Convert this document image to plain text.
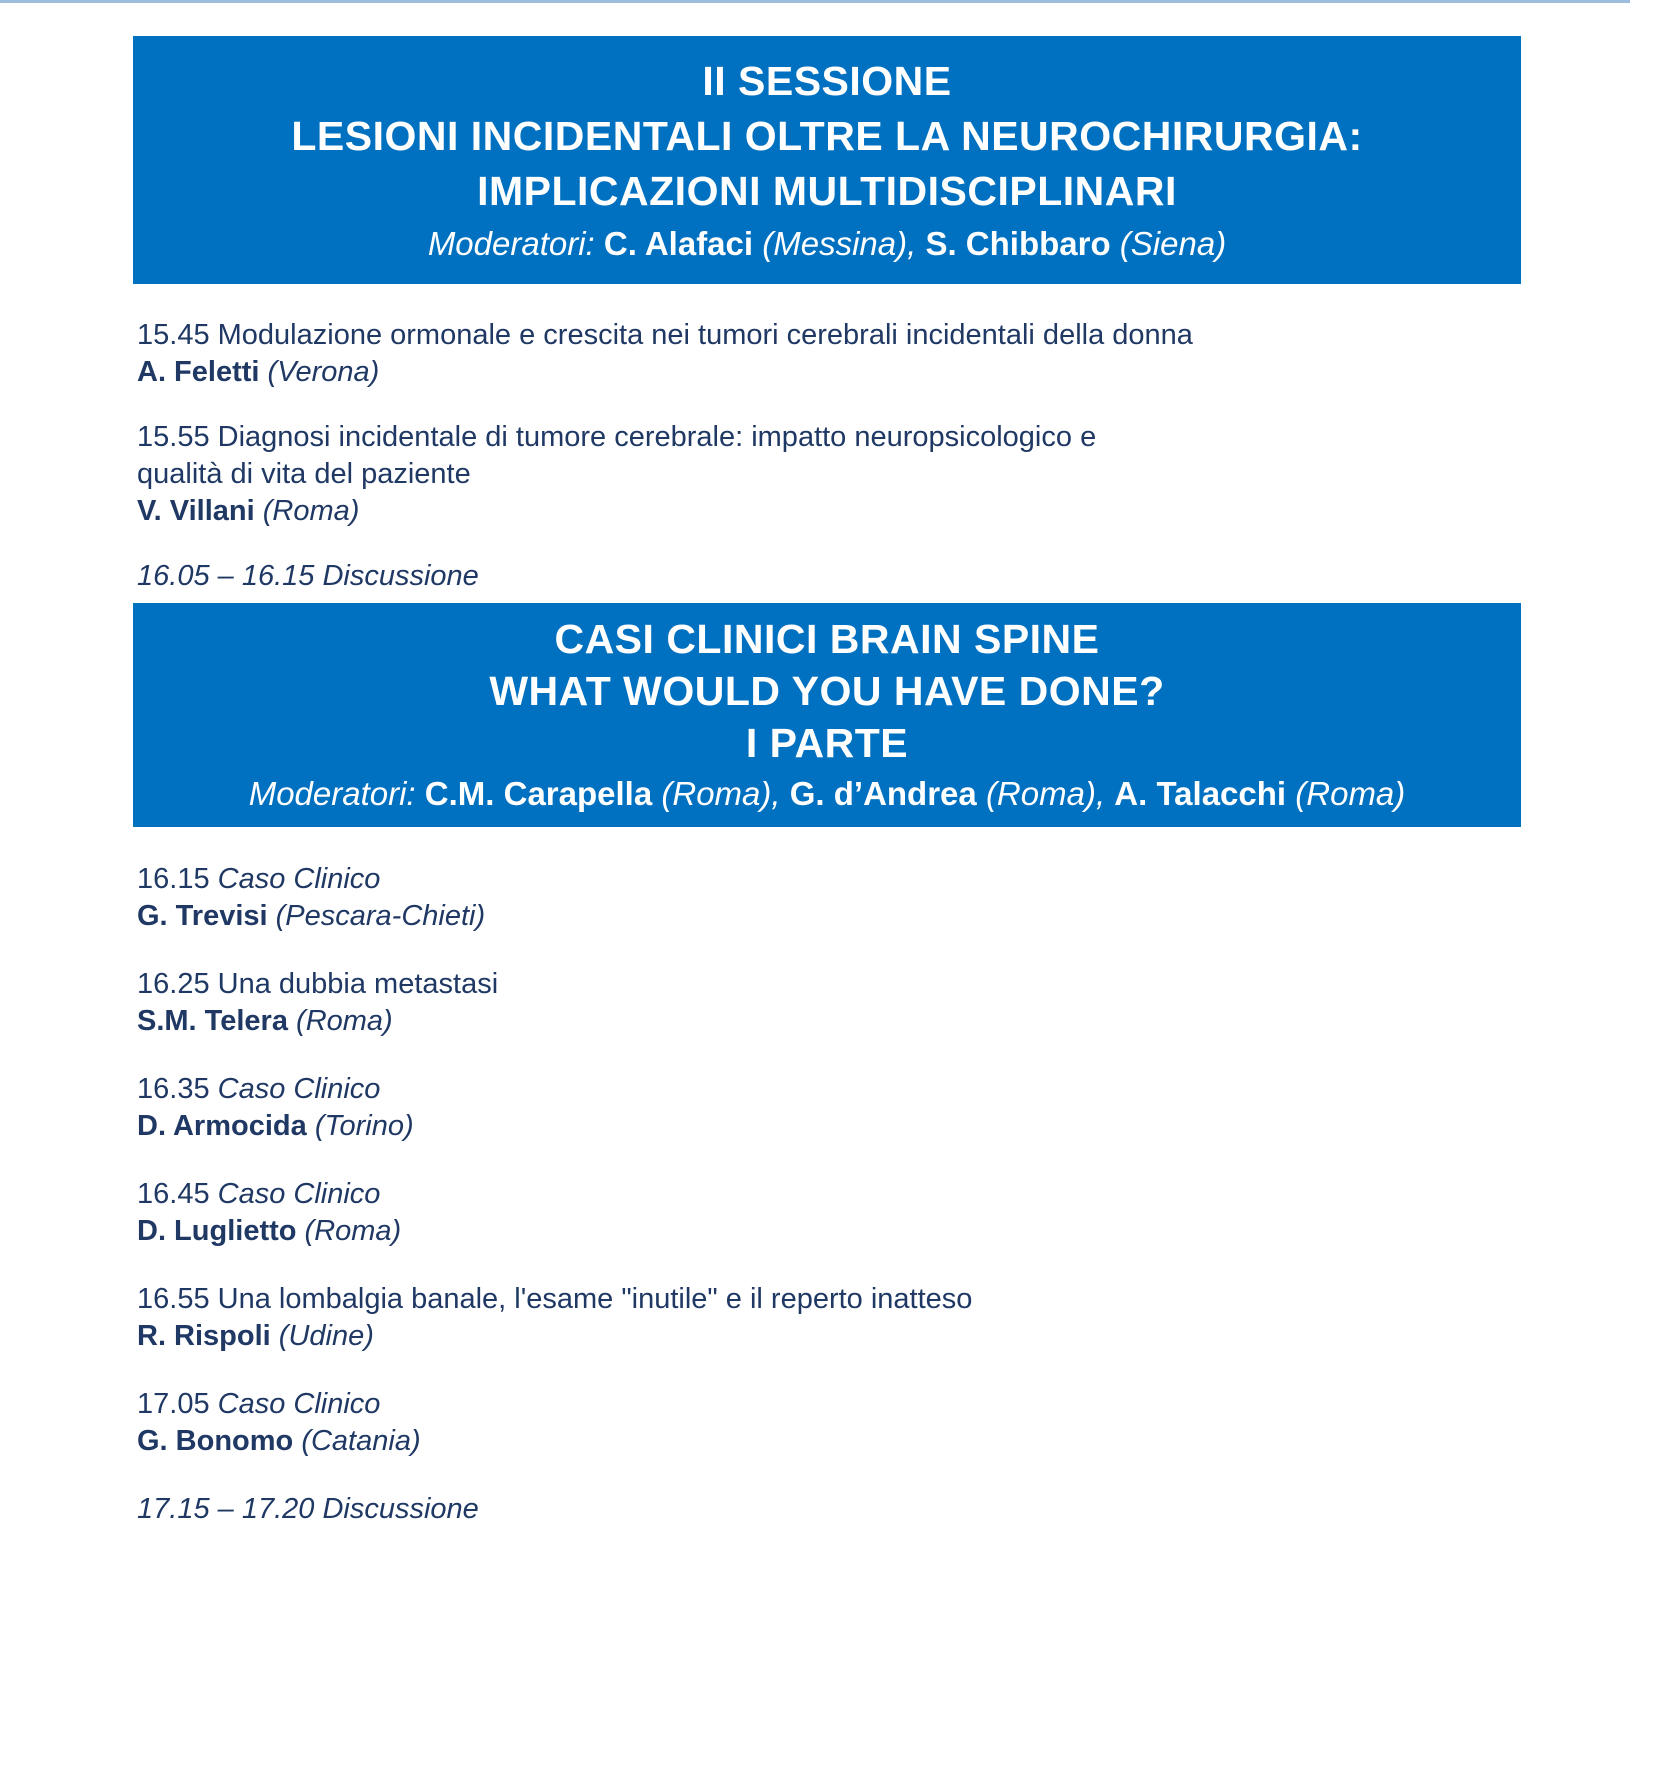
II SESSIONE
LESIONI INCIDENTALI OLTRE LA NEUROCHIRURGIA:
IMPLICAZIONI MULTIDISCIPLINARI
Moderatori: C. Alafaci (Messina), S. Chibbaro (Siena)
15.45 Modulazione ormonale e crescita nei tumori cerebrali incidentali della donna
A. Feletti (Verona)
15.55 Diagnosi incidentale di tumore cerebrale: impatto neuropsicologico e
qualità di vita del paziente
V. Villani (Roma)
16.05 – 16.15 Discussione
CASI CLINICI BRAIN SPINE
WHAT WOULD YOU HAVE DONE?
I PARTE
Moderatori: C.M. Carapella (Roma), G. d’Andrea (Roma), A. Talacchi (Roma)
16.15 Caso Clinico
G. Trevisi (Pescara-Chieti)
16.25 Una dubbia metastasi
S.M. Telera (Roma)
16.35 Caso Clinico
D. Armocida (Torino)
16.45 Caso Clinico
D. Luglietto (Roma)
16.55 Una lombalgia banale, l'esame "inutile" e il reperto inatteso
R. Rispoli (Udine)
17.05 Caso Clinico
G. Bonomo (Catania)
17.15 – 17.20 Discussione
